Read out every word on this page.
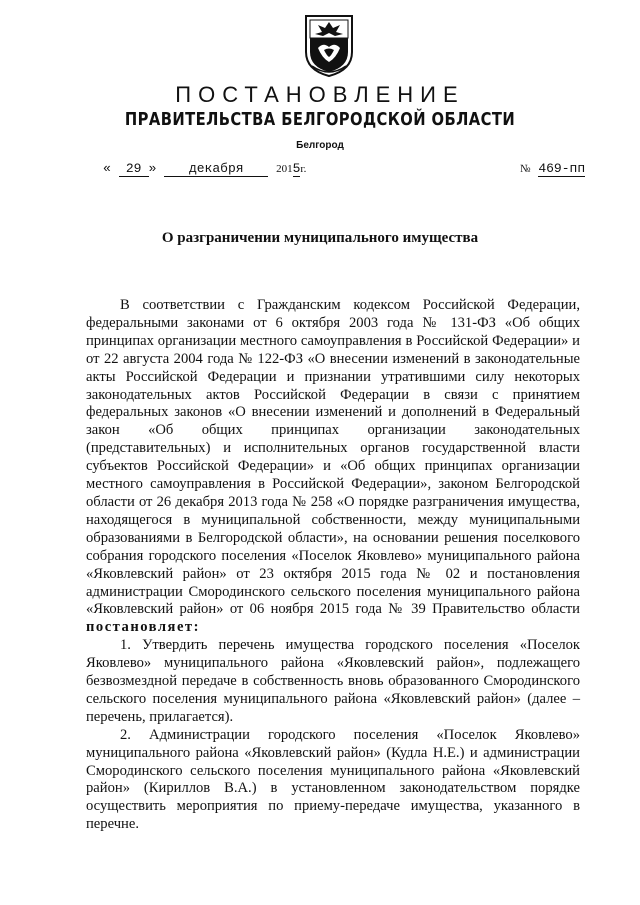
ПОСТАНОВЛЕНИЕ
ПРАВИТЕЛЬСТВА БЕЛГОРОДСКОЙ ОБЛАСТИ
Белгород
« 29 »	декабря	2015г.	№ 469-пп
О разграничении муниципального имущества

В соответствии с Гражданским кодексом Российской Федерации, федеральными законами от 6 октября 2003 года № 131-ФЗ «Об общих принципах организации местного самоуправления в Российской Федерации» и от 22 августа 2004 года № 122-ФЗ «О внесении изменений в законодательные акты Российской Федерации и признании утратившими силу некоторых законодательных актов Российской Федерации в связи с принятием федеральных законов «О внесении изменений и дополнений в Федеральный закон «Об общих принципах организации законодательных (представительных) и исполнительных органов государственной власти субъектов Российской Федерации» и «Об общих принципах организации местного самоуправления в Российской Федерации», законом Белгородской области от 26 декабря 2013 года № 258 «О порядке разграничения имущества, находящегося в муниципальной собственности, между муниципальными образованиями в Белгородской области», на основании решения поселкового собрания городского поселения «Поселок Яковлево» муниципального района «Яковлевский район» от 23 октября 2015 года № 02 и постановления администрации Смородинского сельского поселения муниципального района «Яковлевский район» от 06 ноября 2015 года № 39 Правительство области постановляет:

1. Утвердить перечень имущества городского поселения «Поселок Яковлево» муниципального района «Яковлевский район», подлежащего безвозмездной передаче в собственность вновь образованного Смородинского сельского поселения муниципального района «Яковлевский район» (далее – перечень, прилагается).

2. Администрации городского поселения «Поселок Яковлево» муниципального района «Яковлевский район» (Кудла Н.Е.) и администрации Смородинского сельского поселения муниципального района «Яковлевский район» (Кириллов В.А.) в установленном законодательством порядке осуществить мероприятия по приему-передаче имущества, указанного в перечне.
